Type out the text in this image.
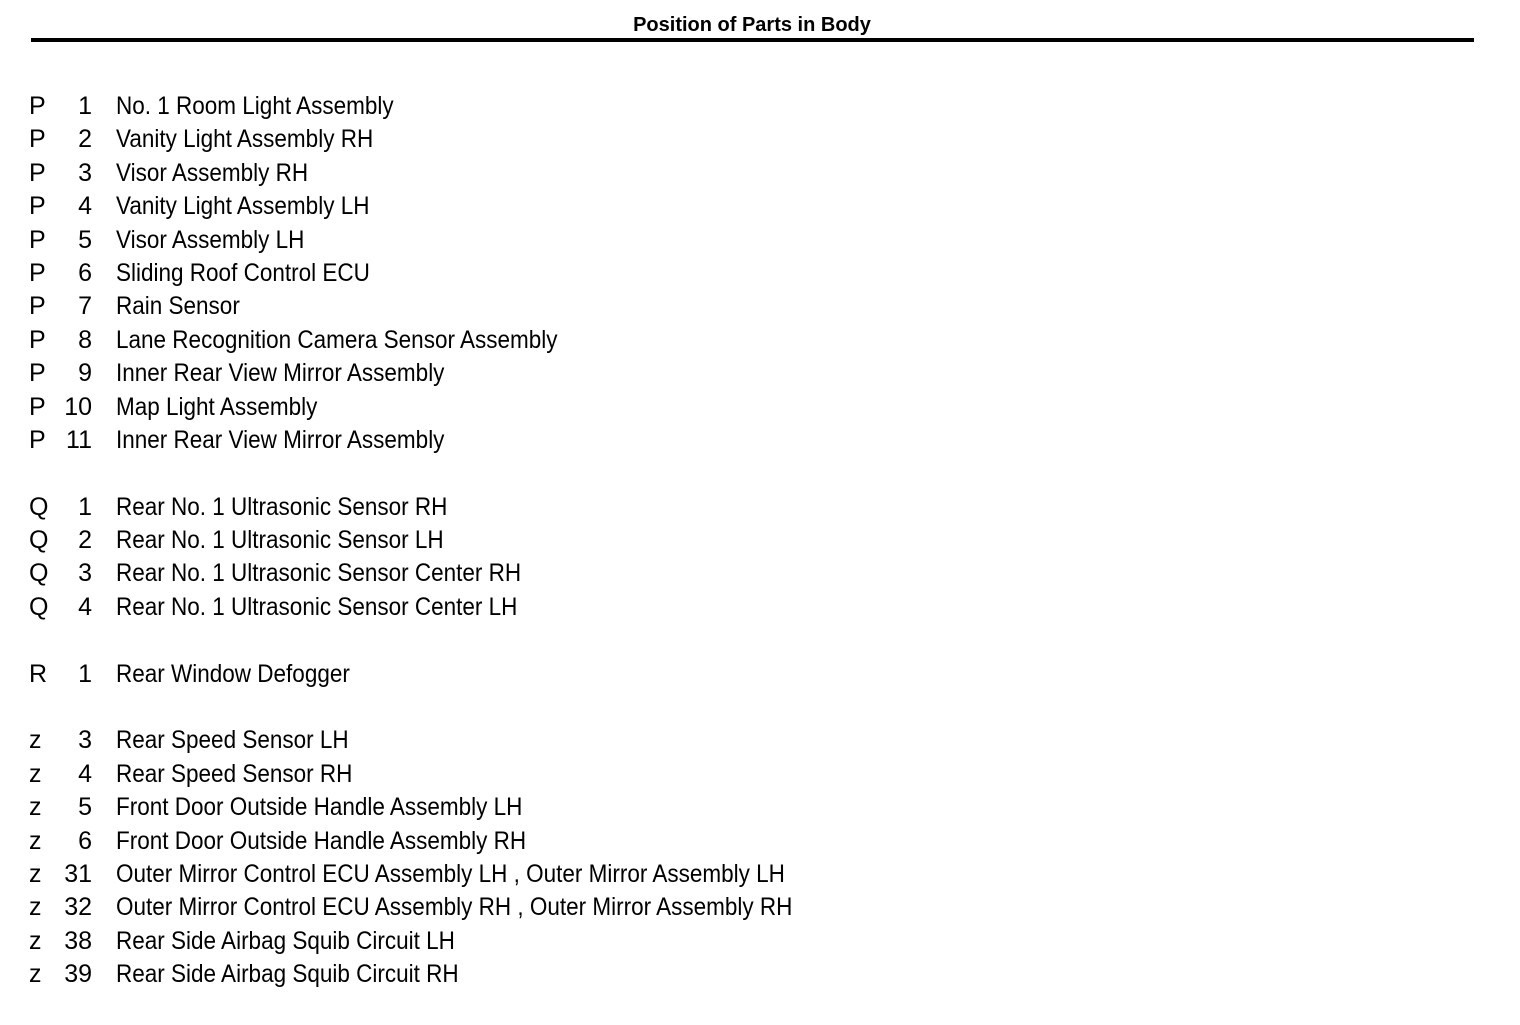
Position of Parts in Body
P	1 No. 1 Room Light Assembly
P	2 Vanity Light Assembly RH
P	3 Visor Assembly RH
P	4 Vanity Light Assembly LH
P	5 Visor Assembly LH
P	6 Sliding Roof Control ECU
P	7 Rain Sensor
P	8 Lane Recognition Camera Sensor Assembly
P	9 Inner Rear View Mirror Assembly
P 10 Map Light Assembly
P 11 Inner Rear View Mirror Assembly
Q	1 Rear No. 1 Ultrasonic Sensor RH
Q	2 Rear No. 1 Ultrasonic Sensor LH
Q	3 Rear No. 1 Ultrasonic Sensor Center RH
Q	4 Rear No. 1 Ultrasonic Sensor Center LH
R	1 Rear Window Defogger
z	3 Rear Speed Sensor LH
z	4 Rear Speed Sensor RH
z	5 Front Door Outside Handle Assembly LH
z	6 Front Door Outside Handle Assembly RH
z 31 Outer Mirror Control ECU Assembly LH , Outer Mirror Assembly LH
z 32 Outer Mirror Control ECU Assembly RH , Outer Mirror Assembly RH
z 38 Rear Side Airbag Squib Circuit LH
z 39 Rear Side Airbag Squib Circuit RH
